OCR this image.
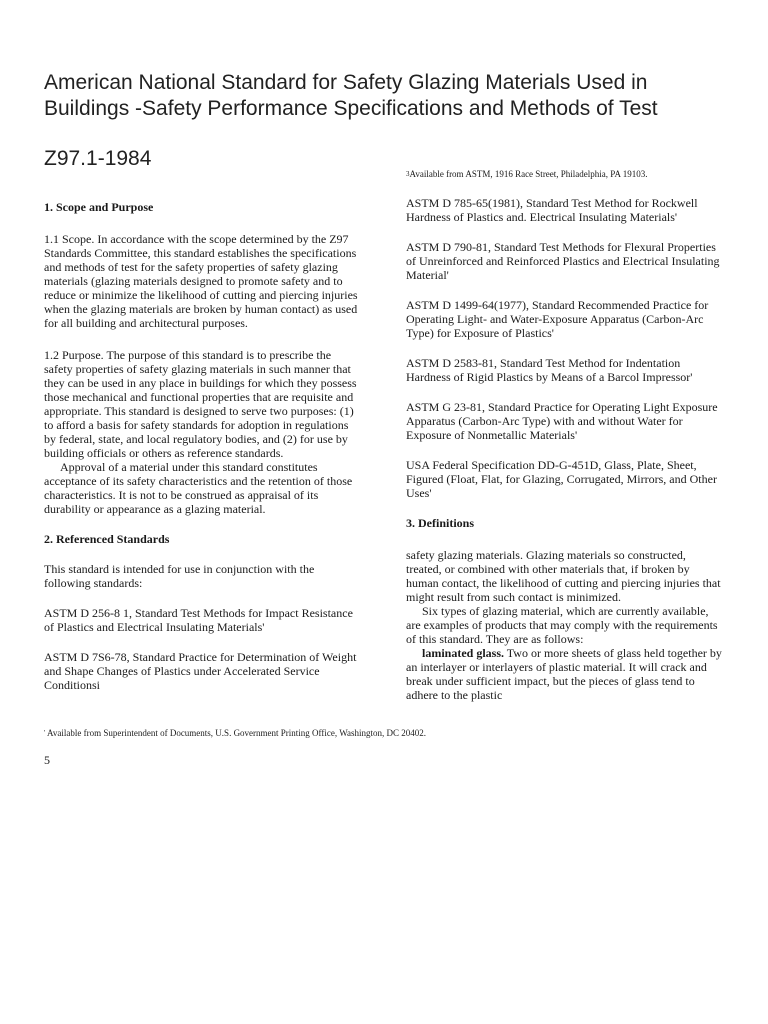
American National Standard for Safety Glazing Materials Used in Buildings -Safety Performance Specifications and Methods of Test
Z97.1-1984
1. Scope and Purpose

1.1 Scope. In accordance with the scope determined by the Z97 Standards Committee, this standard establishes the specifications and methods of test for the safety properties of safety glazing materials (glazing materials designed to promote safety and to reduce or minimize the likelihood of cutting and piercing injuries when the glazing materials are broken by human contact) as used for all building and architectural purposes.

1.2 Purpose. The purpose of this standard is to prescribe the safety properties of safety glazing materials in such manner that they can be used in any place in buildings for which they possess those mechanical and functional properties that are requisite and appropriate. This standard is designed to serve two purposes: (1) to afford a basis for safety standards for adoption in regulations by federal, state, and local regulatory bodies, and (2) for use by building officials or others as reference standards.

Approval of a material under this standard constitutes acceptance of its safety characteristics and the retention of those characteristics. It is not to be construed as appraisal of its durability or appearance as a glazing material.

2. Referenced Standards

This standard is intended for use in conjunction with the following standards:

ASTM D 256-8 1, Standard Test Methods for Impact Resistance of Plastics and Electrical Insulating Materials'

ASTM D 7S6-78, Standard Practice for Determination of Weight and Shape Changes of Plastics under Accelerated Service Conditionsi

3Available from ASTM, 1916 Race Street, Philadelphia, PA 19103.

ASTM D 785-65(1981), Standard Test Method for Rockwell Hardness of Plastics and. Electrical Insulating Materials'

ASTM D 790-81, Standard Test Methods for Flexural Properties of Unreinforced and Reinforced Plastics and Electrical Insulating Material'

ASTM D 1499-64(1977), Standard Recommended Practice for Operating Light- and Water-Exposure Apparatus (Carbon-Arc Type) for Exposure of Plastics'

ASTM D 2583-81, Standard Test Method for Indentation Hardness of Rigid Plastics by Means of a Barcol Impressor'

ASTM G 23-81, Standard Practice for Operating Light Exposure Apparatus (Carbon-Arc Type) with and without Water for Exposure of Nonmetallic Materials'

USA Federal Specification DD-G-451D, Glass, Plate, Sheet, Figured (Float, Flat, for Glazing, Corrugated, Mirrors, and Other Uses'

3. Definitions

safety glazing materials. Glazing materials so constructed, treated, or combined with other materials that, if broken by human contact, the likelihood of cutting and piercing injuries that might result from such contact is minimized.

Six types of glazing material, which are currently available, are examples of products that may comply with the requirements of this standard. They are as follows:

laminated glass. Two or more sheets of glass held together by an interlayer or interlayers of plastic material. It will crack and break under sufficient impact, but the pieces of glass tend to adhere to the plastic

' Available from Superintendent of Documents, U.S. Government Printing Office, Washington, DC 20402.
5
